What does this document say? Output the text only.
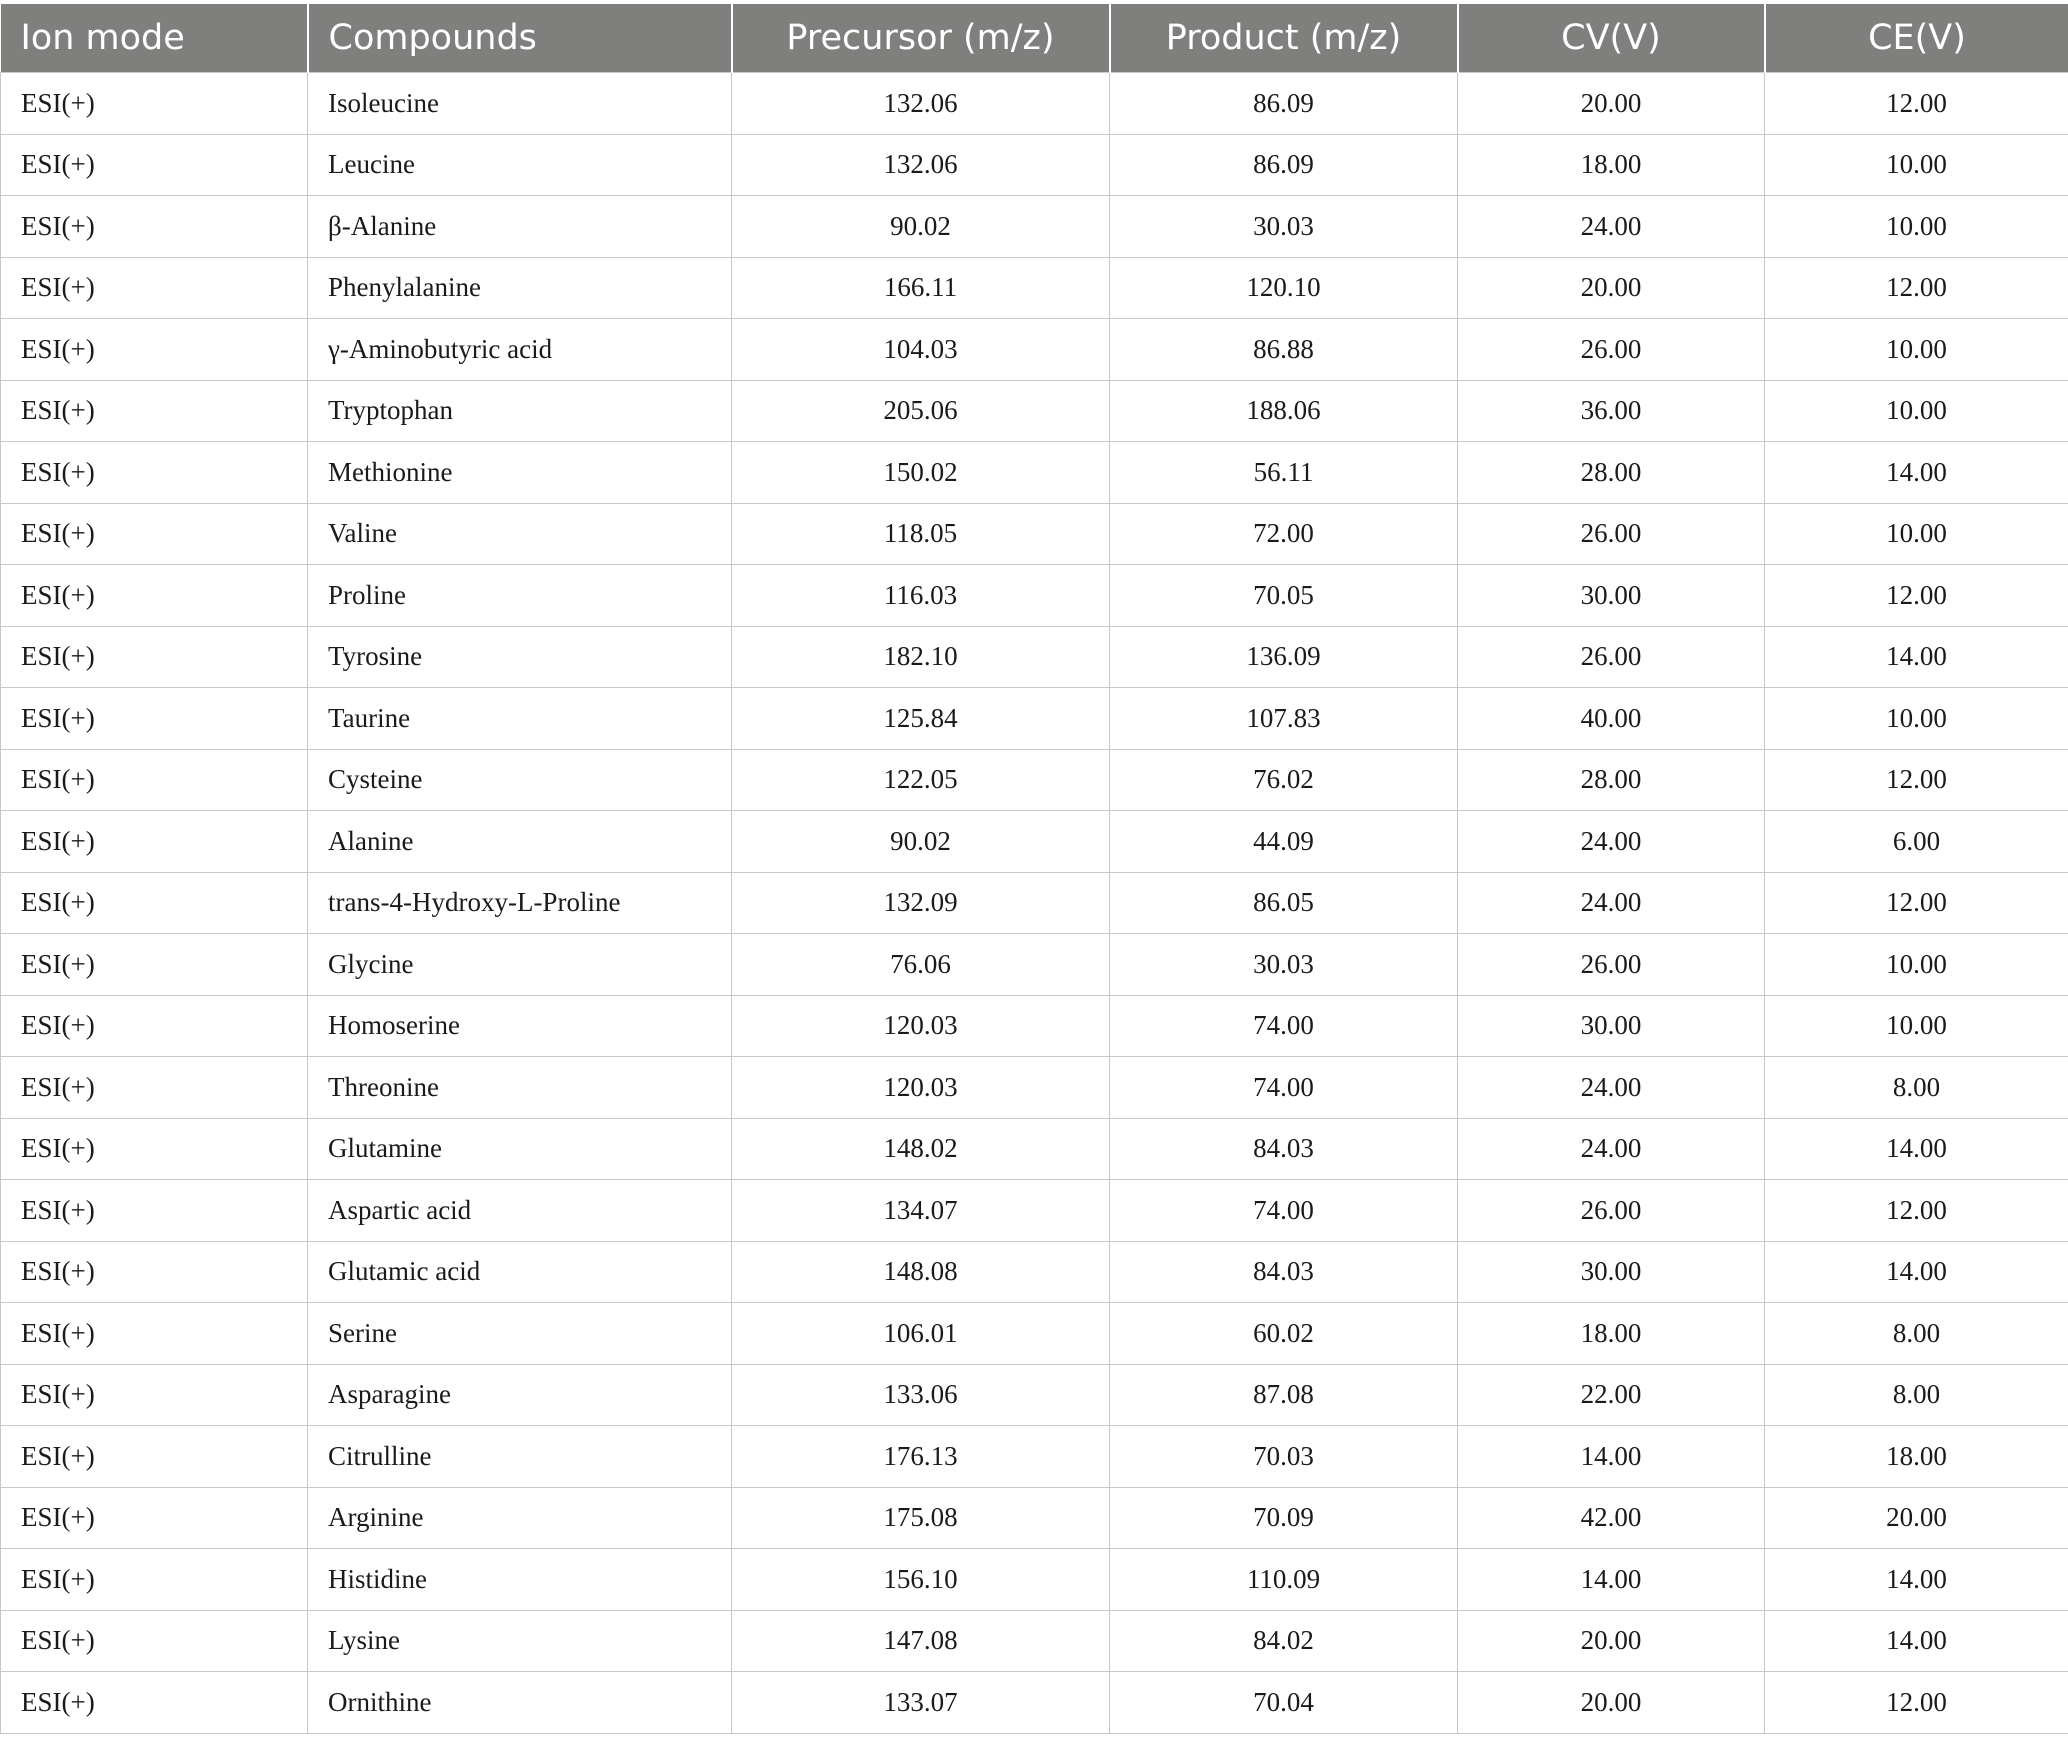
Ion mode	Compounds	Precursor (m/z)	Product (m/z)	CV(V)	CE(V)
ESI(+)	Isoleucine	132.06	86.09	20.00	12.00
ESI(+)	Leucine	132.06	86.09	18.00	10.00
ESI(+)	β-Alanine	90.02	30.03	24.00	10.00
ESI(+)	Phenylalanine	166.11	120.10	20.00	12.00
ESI(+)	γ-Aminobutyric acid	104.03	86.88	26.00	10.00
ESI(+)	Tryptophan	205.06	188.06	36.00	10.00
ESI(+)	Methionine	150.02	56.11	28.00	14.00
ESI(+)	Valine	118.05	72.00	26.00	10.00
ESI(+)	Proline	116.03	70.05	30.00	12.00
ESI(+)	Tyrosine	182.10	136.09	26.00	14.00
ESI(+)	Taurine	125.84	107.83	40.00	10.00
ESI(+)	Cysteine	122.05	76.02	28.00	12.00
ESI(+)	Alanine	90.02	44.09	24.00	6.00
ESI(+)	trans-4-Hydroxy-L-Proline	132.09	86.05	24.00	12.00
ESI(+)	Glycine	76.06	30.03	26.00	10.00
ESI(+)	Homoserine	120.03	74.00	30.00	10.00
ESI(+)	Threonine	120.03	74.00	24.00	8.00
ESI(+)	Glutamine	148.02	84.03	24.00	14.00
ESI(+)	Aspartic acid	134.07	74.00	26.00	12.00
ESI(+)	Glutamic acid	148.08	84.03	30.00	14.00
ESI(+)	Serine	106.01	60.02	18.00	8.00
ESI(+)	Asparagine	133.06	87.08	22.00	8.00
ESI(+)	Citrulline	176.13	70.03	14.00	18.00
ESI(+)	Arginine	175.08	70.09	42.00	20.00
ESI(+)	Histidine	156.10	110.09	14.00	14.00
ESI(+)	Lysine	147.08	84.02	20.00	14.00
ESI(+)	Ornithine	133.07	70.04	20.00	12.00
